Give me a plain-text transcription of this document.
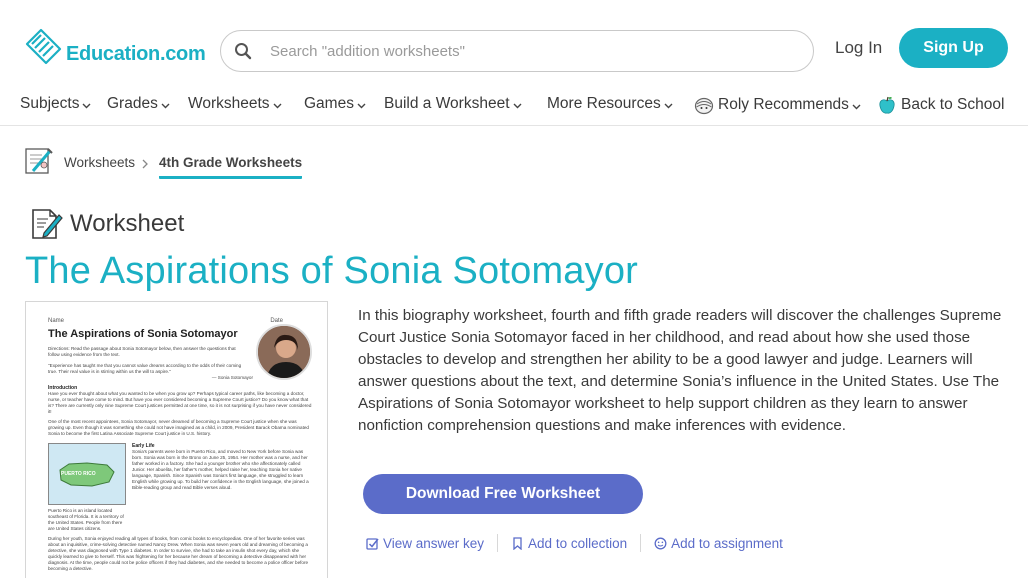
Education.com
Search "addition worksheets"	Log In	Sign Up
Subjects Grades Worksheets Games Build a Worksheet More Resources	Roly Recommends	Back to School
Worksheets 4th Grade Worksheets
Worksheet
The Aspirations of Sonia Sotomayor
Name	Date
The Aspirations of Sonia Sotomayor
Directions: Read the passage about Sonia Sotomayor below, then answer the questions that follow using evidence from the text.
"Experience has taught me that you cannot value dreams according to the odds of their coming true. Their real value is in stirring within us the will to aspire."
— Sonia Sotomayor
Introduction
Have you ever thought about what you wanted to be when you grow up? Perhaps typical career paths, like becoming a doctor, nurse, or teacher have come to mind. But have you ever considered becoming a Supreme Court justice? Do you know what that is? There are currently only nine Supreme Court justices permitted at one time, so it is not surprising if you have never considered it!
One of the most recent appointees, Sonia Sotomayor, never dreamed of becoming a Supreme Court justice when she was growing up. Even though it was something she could not have imagined as a child, in 2009, President Barack Obama nominated Sonia to become the first Latina Associate Supreme Court justice in U.S. history.
PUERTO RICO
Puerto Rico is an island located southeast of Florida. It is a territory of the United States. People from there are United States citizens.
Early Life
Sonia's parents were born in Puerto Rico, and moved to New York before Sonia was born. Sonia was born in the Bronx on June 25, 1954. Her mother was a nurse, and her father worked in a factory. She had a younger brother who she affectionately called Junior. Her abuelita, her father's mother, helped raise her, teaching Sonia her native language, Spanish. Since Spanish was Sonia's first language, she struggled to learn English while growing up. To build her confidence in the English language, she joined a Bible-reading group and read Bible verses aloud.
During her youth, Sonia enjoyed reading all types of books, from comic books to encyclopedias. One of her favorite series was about an inquisitive, crime-solving detective named Nancy Drew. When Sonia was seven years old and dreaming of becoming a detective, she was diagnosed with Type 1 diabetes. In order to survive, she had to take an insulin shot every day, which she quickly learned to give to herself. This was frightening for her because her dream of becoming a detective disappeared with her diagnosis. At the time, people could not be police officers if they had diabetes, and she needed to become a police officer before becoming a detective.

In this biography worksheet, fourth and fifth grade readers will discover the challenges Supreme Court Justice Sonia Sotomayor faced in her childhood, and read about how she used those obstacles to develop and strengthen her ability to be a good lawyer and judge. Learners will answer questions about the text, and determine Sonia’s influence in the United States. Use The Aspirations of Sonia Sotomayor worksheet to help support children as they learn to answer nonfiction comprehension questions and make inferences with evidence.

Download Free Worksheet
View answer key	Add to collection	Add to assignment
